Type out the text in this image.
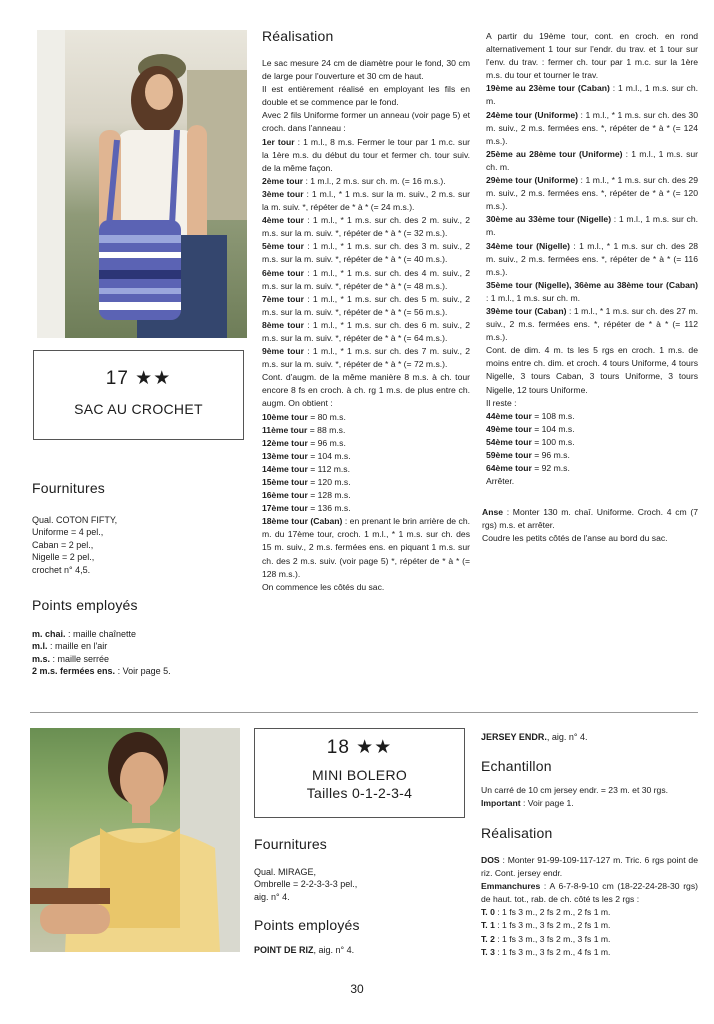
17 ★★
SAC AU CROCHET
Fournitures
Qual. COTON FIFTY,
Uniforme = 4 pel.,
Caban = 2 pel.,
Nigelle = 2 pel.,
crochet n° 4,5.
Points employés
m. chai. : maille chaînette
m.l. : maille en l'air
m.s. : maille serrée
2 m.s. fermées ens. : Voir page 5.
Réalisation

Le sac mesure 24 cm de diamètre pour le fond, 30 cm de large pour l'ouverture et 30 cm de haut.

Il est entièrement réalisé en employant les fils en double et se commence par le fond.

Avec 2 fils Uniforme former un anneau (voir page 5) et croch. dans l'anneau :

1er tour : 1 m.l., 8 m.s. Fermer le tour par 1 m.c. sur la 1ère m.s. du début du tour et fermer ch. tour suiv. de la même façon.

2ème tour : 1 m.l., 2 m.s. sur ch. m. (= 16 m.s.).

3ème tour : 1 m.l., * 1 m.s. sur la m. suiv., 2 m.s. sur la m. suiv. *, répéter de * à * (= 24 m.s.).

4ème tour : 1 m.l., * 1 m.s. sur ch. des 2 m. suiv., 2 m.s. sur la m. suiv. *, répéter de * à * (= 32 m.s.).

5ème tour : 1 m.l., * 1 m.s. sur ch. des 3 m. suiv., 2 m.s. sur la m. suiv. *, répéter de * à * (= 40 m.s.).

6ème tour : 1 m.l., * 1 m.s. sur ch. des 4 m. suiv., 2 m.s. sur la m. suiv. *, répéter de * à * (= 48 m.s.).

7ème tour : 1 m.l., * 1 m.s. sur ch. des 5 m. suiv., 2 m.s. sur la m. suiv. *, répéter de * à * (= 56 m.s.).

8ème tour : 1 m.l., * 1 m.s. sur ch. des 6 m. suiv., 2 m.s. sur la m. suiv. *, répéter de * à * (= 64 m.s.).

9ème tour : 1 m.l., * 1 m.s. sur ch. des 7 m. suiv., 2 m.s. sur la m. suiv. *, répéter de * à * (= 72 m.s.).

Cont. d'augm. de la même manière 8 m.s. à ch. tour encore 8 fs en croch. à ch. rg 1 m.s. de plus entre ch. augm. On obtient :

10ème tour = 80 m.s.

11ème tour = 88 m.s.

12ème tour = 96 m.s.

13ème tour = 104 m.s.

14ème tour = 112 m.s.

15ème tour = 120 m.s.

16ème tour = 128 m.s.

17ème tour = 136 m.s.

18ème tour (Caban) : en prenant le brin arrière de ch. m. du 17ème tour, croch. 1 m.l., * 1 m.s. sur ch. des 15 m. suiv., 2 m.s. fermées ens. en piquant 1 m.s. sur ch. des 2 m.s. suiv. (voir page 5) *, répéter de * à * (= 128 m.s.).

On commence les côtés du sac.

A partir du 19ème tour, cont. en croch. en rond alternativement 1 tour sur l'endr. du trav. et 1 tour sur l'env. du trav. : fermer ch. tour par 1 m.c. sur la 1ère m.s. du tour et tourner le trav.

19ème au 23ème tour (Caban) : 1 m.l., 1 m.s. sur ch. m.

24ème tour (Uniforme) : 1 m.l., * 1 m.s. sur ch. des 30 m. suiv., 2 m.s. fermées ens. *, répéter de * à * (= 124 m.s.).

25ème au 28ème tour (Uniforme) : 1 m.l., 1 m.s. sur ch. m.

29ème tour (Uniforme) : 1 m.l., * 1 m.s. sur ch. des 29 m. suiv., 2 m.s. fermées ens. *, répéter de * à * (= 120 m.s.).

30ème au 33ème tour (Nigelle) : 1 m.l., 1 m.s. sur ch. m.

34ème tour (Nigelle) : 1 m.l., * 1 m.s. sur ch. des 28 m. suiv., 2 m.s. fermées ens. *, répéter de * à * (= 116 m.s.).

35ème tour (Nigelle), 36ème au 38ème tour (Caban) : 1 m.l., 1 m.s. sur ch. m.

39ème tour (Caban) : 1 m.l., * 1 m.s. sur ch. des 27 m. suiv., 2 m.s. fermées ens. *, répéter de * à * (= 112 m.s.).

Cont. de dim. 4 m. ts les 5 rgs en croch. 1 m.s. de moins entre ch. dim. et croch. 4 tours Uniforme, 4 tours Nigelle, 3 tours Caban, 3 tours Uniforme, 3 tours Nigelle, 12 tours Uniforme.

Il reste :

44ème tour = 108 m.s.

49ème tour = 104 m.s.

54ème tour = 100 m.s.

59ème tour = 96 m.s.

64ème tour = 92 m.s.

Arrêter.

Anse : Monter 130 m. chaî. Uniforme. Croch. 4 cm (7 rgs) m.s. et arrêter.

Coudre les petits côtés de l'anse au bord du sac.

18 ★★
MINI BOLERO
Tailles 0-1-2-3-4
Fournitures
Qual. MIRAGE,
Ombrelle = 2-2-3-3-3 pel.,
aig. n° 4.
Points employés
POINT DE RIZ, aig. n° 4.
JERSEY ENDR., aig. n° 4.
Echantillon

Un carré de 10 cm jersey endr. = 23 m. et 30 rgs.

Important : Voir page 1.

Réalisation

DOS : Monter 91-99-109-117-127 m. Tric. 6 rgs point de riz. Cont. jersey endr.

Emmanchures : A 6-7-8-9-10 cm (18-22-24-28-30 rgs) de haut. tot., rab. de ch. côté ts les 2 rgs :

T. 0 : 1 fs 3 m., 2 fs 2 m., 2 fs 1 m.

T. 1 : 1 fs 3 m., 3 fs 2 m., 2 fs 1 m.

T. 2 : 1 fs 3 m., 3 fs 2 m., 3 fs 1 m.

T. 3 : 1 fs 3 m., 3 fs 2 m., 4 fs 1 m.

30
